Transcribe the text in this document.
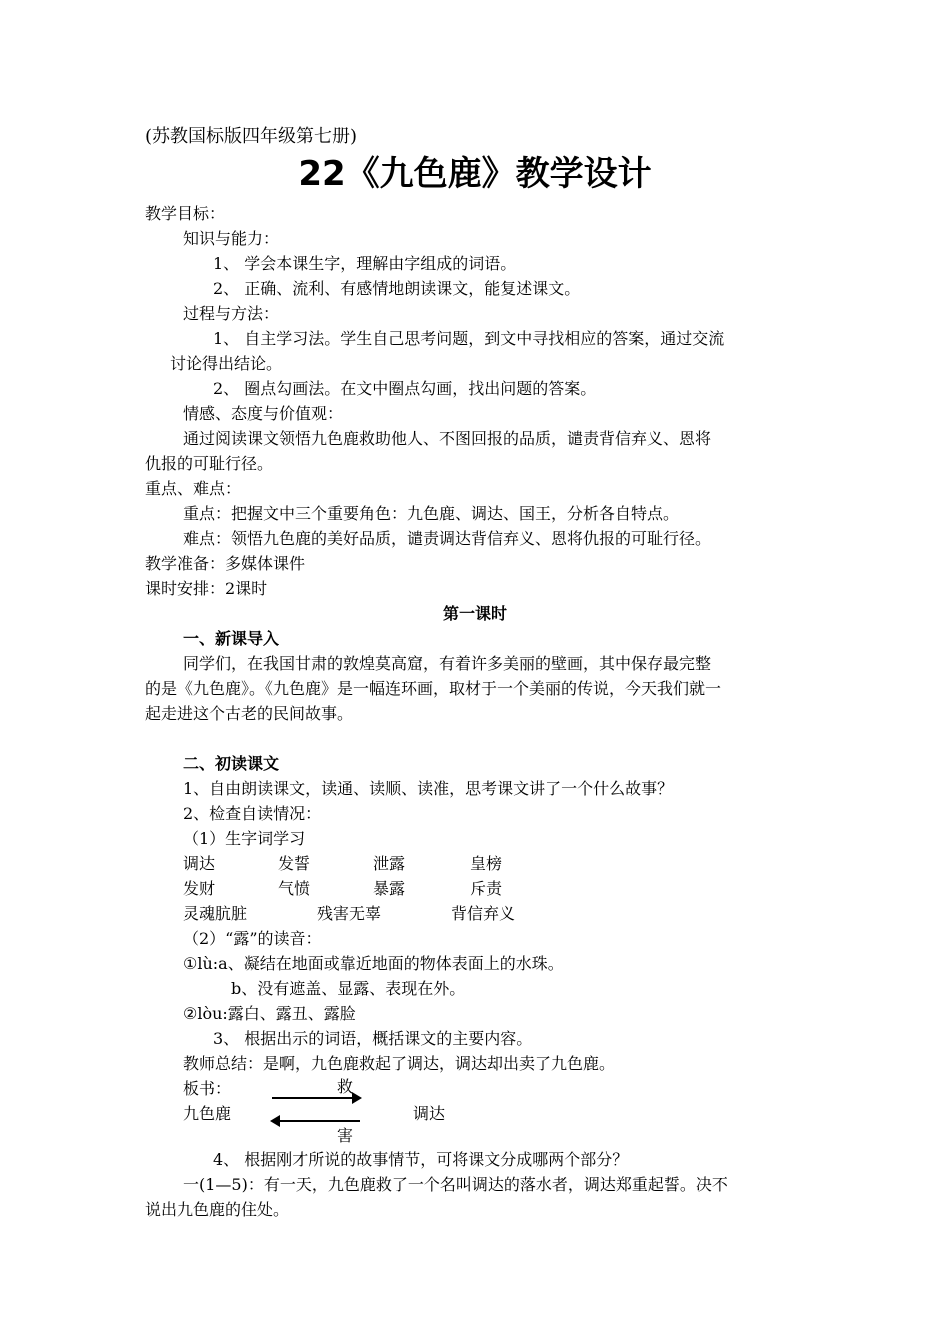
(苏教国标版四年级第七册)
22《九色鹿》教学设计
教学目标：
知识与能力：
1、 学会本课生字，理解由字组成的词语。
2、 正确、流利、有感情地朗读课文，能复述课文。
过程与方法：
1、 自主学习法。学生自己思考问题，到文中寻找相应的答案，通过交流
讨论得出结论。
2、 圈点勾画法。在文中圈点勾画，找出问题的答案。
情感、态度与价值观：
通过阅读课文领悟九色鹿救助他人、不图回报的品质，谴责背信弃义、恩将
仇报的可耻行径。
重点、难点：
重点：把握文中三个重要角色：九色鹿、调达、国王，分析各自特点。
难点：领悟九色鹿的美好品质，谴责调达背信弃义、恩将仇报的可耻行径。
教学准备：多媒体课件
课时安排：2课时
第一课时
一、新课导入
同学们，在我国甘肃的敦煌莫高窟，有着许多美丽的壁画，其中保存最完整
的是《九色鹿》。《九色鹿》是一幅连环画，取材于一个美丽的传说，今天我们就一
起走进这个古老的民间故事。
二、初读课文
1、自由朗读课文，读通、读顺、读准，思考课文讲了一个什么故事？
2、检查自读情况：
（1）生字词学习
调达	发誓	泄露	皇榜
发财	气愤	暴露	斥责
灵魂肮脏	残害无辜	背信弃义
（2）“露”的读音：
①lù:a、凝结在地面或靠近地面的物体表面上的水珠。
b、没有遮盖、显露、表现在外。
②lòu:露白、露丑、露脸
3、 根据出示的词语，概括课文的主要内容。
教师总结：是啊，九色鹿救起了调达，调达却出卖了九色鹿。
板书：	救
九色鹿	调达
害
4、 根据刚才所说的故事情节，可将课文分成哪两个部分？
一(1—5)：有一天，九色鹿救了一个名叫调达的落水者，调达郑重起誓。决不
说出九色鹿的住处。
